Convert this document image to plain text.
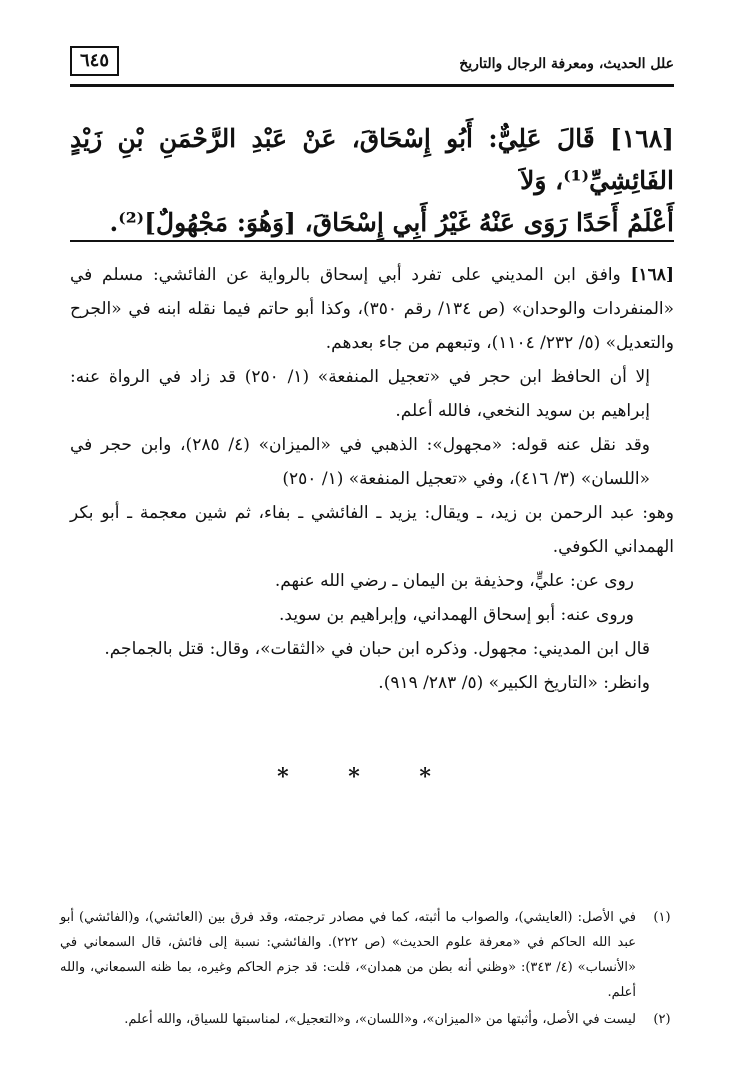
علل الحديث، ومعرفة الرجال والتاريخ
٦٤٥
[١٦٨] قَالَ عَلِيٌّ: أَبُو إِسْحَاقَ، عَنْ عَبْدِ الرَّحْمَنِ بْنِ زَيْدٍ الفَائِشِيِّ⁽¹⁾، وَلاَ
أَعْلَمُ أَحَدًا رَوَى عَنْهُ غَيْرُ أَبِي إِسْحَاقَ، [وَهُوَ: مَجْهُولٌ]⁽²⁾.

[١٦٨] وافق ابن المديني على تفرد أبي إسحاق بالرواية عن الفائشي: مسلم في «المنفردات والوحدان» (ص ١٣٤/ رقم ٣٥٠)، وكذا أبو حاتم فيما نقله ابنه في «الجرح والتعديل» (٥/ ٢٣٢/ ١١٠٤)، وتبعهم من جاء بعدهم.

إلا أن الحافظ ابن حجر في «تعجيل المنفعة» (١/ ٢٥٠) قد زاد في الرواة عنه: إبراهيم بن سويد النخعي، فالله أعلم.

وقد نقل عنه قوله: «مجهول»: الذهبي في «الميزان» (٤/ ٢٨٥)، وابن حجر في «اللسان» (٣/ ٤١٦)، وفي «تعجيل المنفعة» (١/ ٢٥٠)

وهو: عبد الرحمن بن زيد، ـ ويقال: يزيد ـ الفائشي ـ بفاء، ثم شين معجمة ـ أبو بكر الهمداني الكوفي.

روى عن: عليٍّ، وحذيفة بن اليمان ـ رضي الله عنهم.

وروى عنه: أبو إسحاق الهمداني، وإبراهيم بن سويد.

قال ابن المديني: مجهول. وذكره ابن حبان في «الثقات»، وقال: قتل بالجماجم.

وانظر: «التاريخ الكبير» (٥/ ٢٨٣/ ٩١٩).

* * *
(١)
في الأصل: (العايشي)، والصواب ما أثبته، كما في مصادر ترجمته، وقد فرق بين (العائشي)، و(الفائشي) أبو عبد الله الحاكم في «معرفة علوم الحديث» (ص ٢٢٢). والفائشي: نسبة إلى فائش، قال السمعاني في «الأنساب» (٤/ ٣٤٣): «وظني أنه بطن من همدان»، قلت: قد جزم الحاكم وغيره، بما ظنه السمعاني، والله أعلم.
(٢)
ليست في الأصل، وأثبتها من «الميزان»، و«اللسان»، و«التعجيل»، لمناسبتها للسياق، والله أعلم.
